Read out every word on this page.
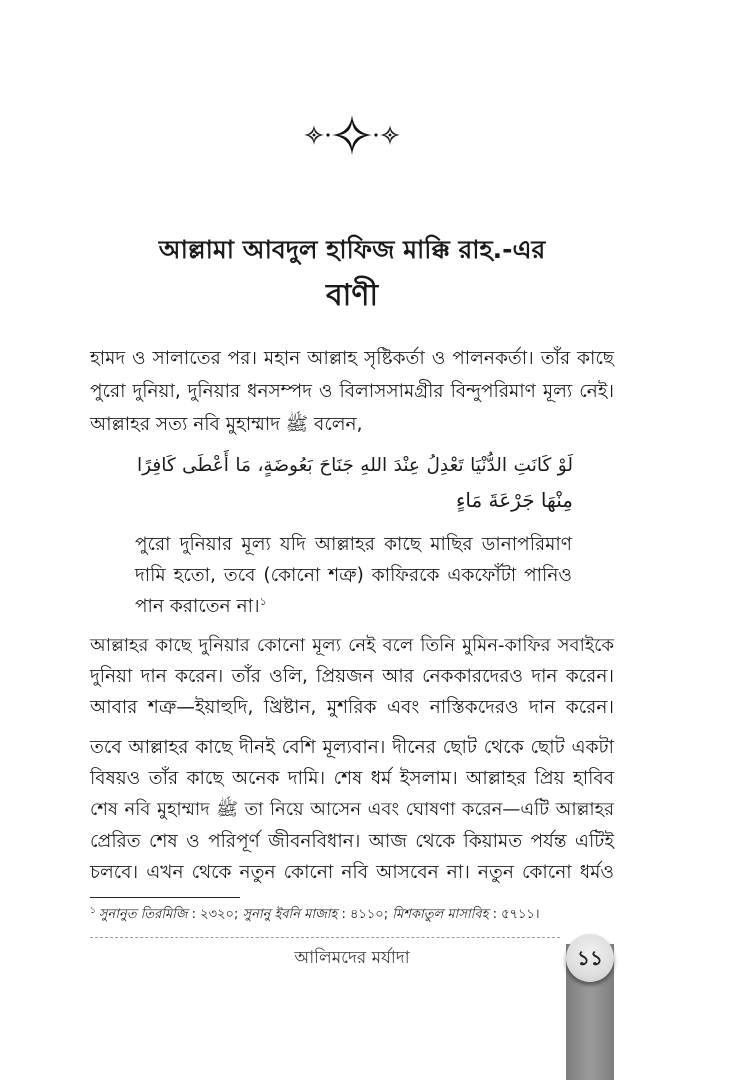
আল্লামা আবদুল হাফিজ মাক্কি রাহ.-এর
বাণী
হামদ ও সালাতের পর। মহান আল্লাহ সৃষ্টিকর্তা ও পালনকর্তা। তাঁর কাছে
পুরো দুনিয়া, দুনিয়ার ধনসম্পদ ও বিলাসসামগ্রীর বিন্দুপরিমাণ মূল্য নেই।
আল্লাহর সত্য নবি মুহাম্মাদ ﷺ বলেন,
لَوْ كَانَتِ الدُّنْيَا تَعْدِلُ عِنْدَ اللهِ جَنَاحَ بَعُوضَةٍ، مَا أَعْطَى كَافِرًا
مِنْهَا جَرْعَةَ مَاءٍ
পুরো দুনিয়ার মূল্য যদি আল্লাহর কাছে মাছির ডানাপরিমাণ
দামি হতো, তবে (কোনো শত্রু) কাফিরকে একফোঁটা পানিও
পান করাতেন না।$^১$
আল্লাহর কাছে দুনিয়ার কোনো মূল্য নেই বলে তিনি মুমিন-কাফির সবাইকে
দুনিয়া দান করেন। তাঁর ওলি, প্রিয়জন আর নেককারদেরও দান করেন।
আবার শত্রু—ইয়াহুদি, খ্রিষ্টান, মুশরিক এবং নাস্তিকদেরও দান করেন।
তবে আল্লাহর কাছে দীনই বেশি মূল্যবান। দীনের ছোট থেকে ছোট একটা
বিষয়ও তাঁর কাছে অনেক দামি। শেষ ধর্ম ইসলাম। আল্লাহর প্রিয় হাবিব
শেষ নবি মুহাম্মাদ ﷺ তা নিয়ে আসেন এবং ঘোষণা করেন—এটি আল্লাহর
প্রেরিত শেষ ও পরিপূর্ণ জীবনবিধান। আজ থেকে কিয়ামত পর্যন্ত এটিই
চলবে। এখন থেকে নতুন কোনো নবি আসবেন না। নতুন কোনো ধর্মও
$^১$ সুনানুত তিরমিজি : ২৩২০; সুনানু ইবনি মাজাহ : ৪১১০; মিশকাতুল মাসাবিহ : ৫৭১১।
আলিমদের মর্যাদা	১১
